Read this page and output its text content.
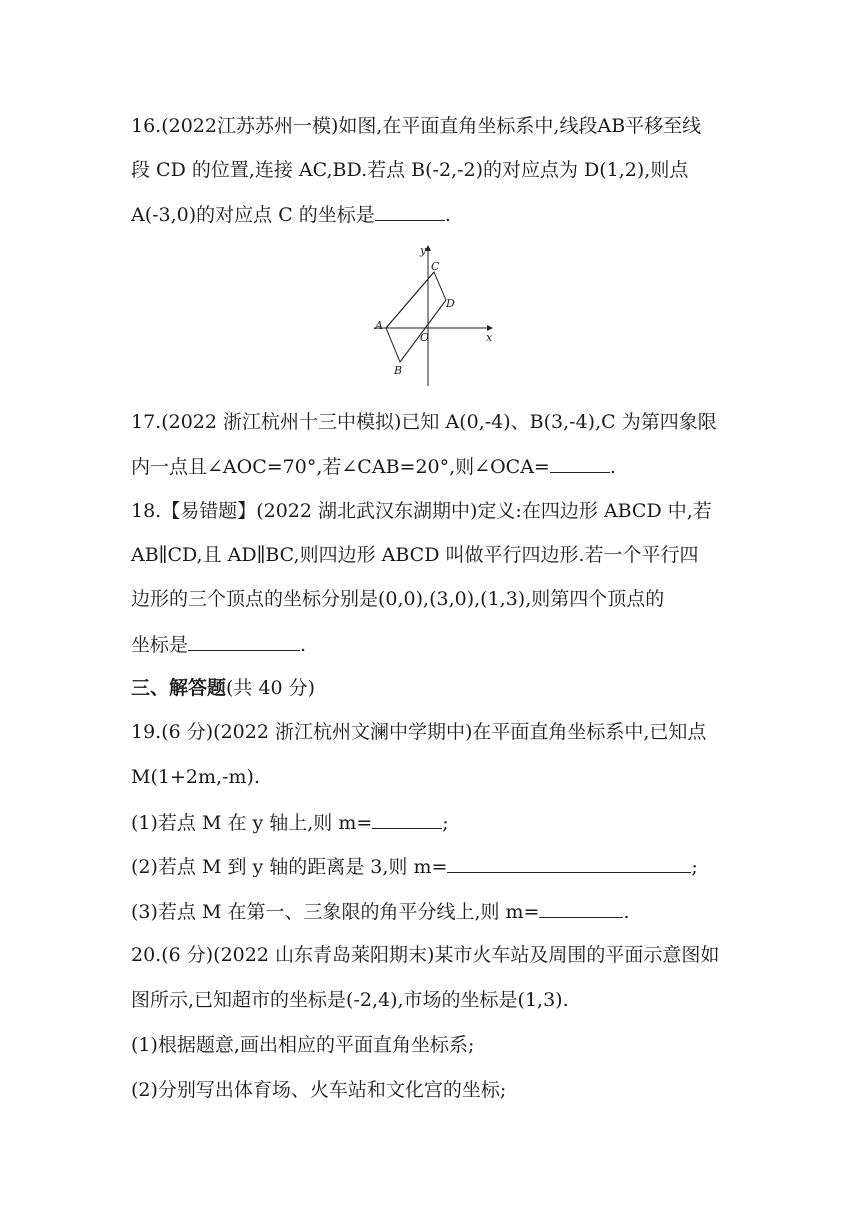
16.(2022江苏苏州一模)如图,在平面直角坐标系中,线段AB平移至线
段 CD 的位置,连接 AC,BD.若点 B(-2,-2)的对应点为 D(1,2),则点
A(-3,0)的对应点 C 的坐标是	.
y
x
O
A
B
C
D
17.(2022 浙江杭州十三中模拟)已知 A(0,-4)、B(3,-4),C 为第四象限
内一点且∠AOC=70°,若∠CAB=20°,则∠OCA=	.
18.【易错题】(2022 湖北武汉东湖期中)定义:在四边形 ABCD 中,若
AB∥CD,且 AD∥BC,则四边形 ABCD 叫做平行四边形.若一个平行四
边形的三个顶点的坐标分别是(0,0),(3,0),(1,3),则第四个顶点的
坐标是	.
三、解答题(共 40 分)
19.(6 分)(2022 浙江杭州文澜中学期中)在平面直角坐标系中,已知点
M(1+2m,-m).
(1)若点 M 在 y 轴上,则 m=	;
(2)若点 M 到 y 轴的距离是 3,则 m=	;
(3)若点 M 在第一、三象限的角平分线上,则 m=	.
20.(6 分)(2022 山东青岛莱阳期末)某市火车站及周围的平面示意图如
图所示,已知超市的坐标是(-2,4),市场的坐标是(1,3).
(1)根据题意,画出相应的平面直角坐标系;
(2)分别写出体育场、火车站和文化宫的坐标;
